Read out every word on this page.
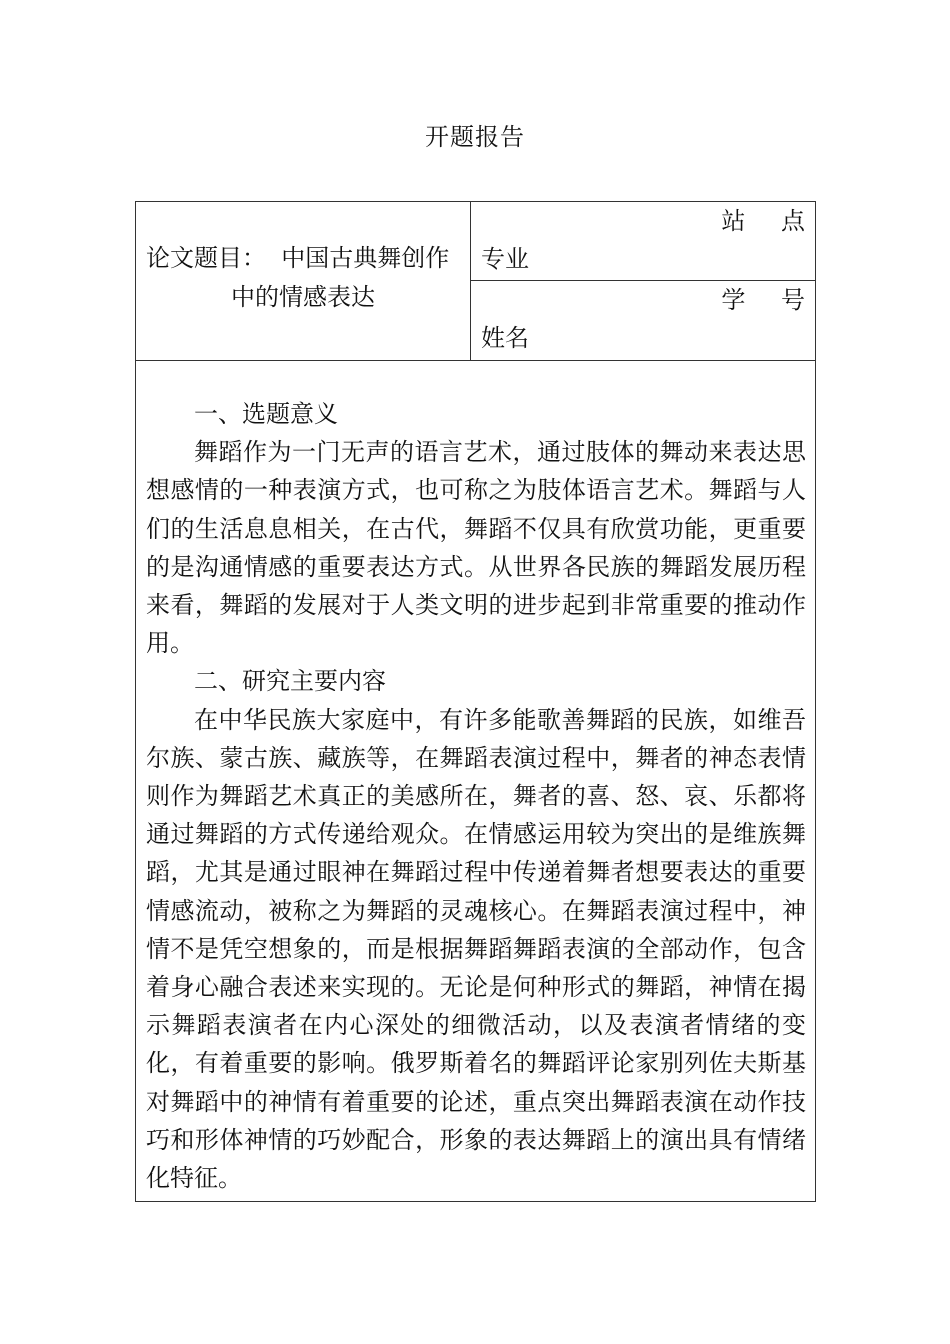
开题报告
论文题目： 中国古典舞创作
中的情感表达
站 点
专业
学 号
姓名

一、选题意义

舞蹈作为一门无声的语言艺术，通过肢体的舞动来表达思想感情的一种表演方式，也可称之为肢体语言艺术。舞蹈与人们的生活息息相关，在古代，舞蹈不仅具有欣赏功能，更重要的是沟通情感的重要表达方式。从世界各民族的舞蹈发展历程来看，舞蹈的发展对于人类文明的进步起到非常重要的推动作用。

二、研究主要内容

在中华民族大家庭中，有许多能歌善舞蹈的民族，如维吾尔族、蒙古族、藏族等，在舞蹈表演过程中，舞者的神态表情则作为舞蹈艺术真正的美感所在，舞者的喜、怒、哀、乐都将通过舞蹈的方式传递给观众。在情感运用较为突出的是维族舞蹈，尤其是通过眼神在舞蹈过程中传递着舞者想要表达的重要情感流动，被称之为舞蹈的灵魂核心。在舞蹈表演过程中，神情不是凭空想象的，而是根据舞蹈舞蹈表演的全部动作，包含着身心融合表述来实现的。无论是何种形式的舞蹈，神情在揭示舞蹈表演者在内心深处的细微活动，以及表演者情绪的变化，有着重要的影响。俄罗斯着名的舞蹈评论家别列佐夫斯基对舞蹈中的神情有着重要的论述，重点突出舞蹈表演在动作技巧和形体神情的巧妙配合，形象的表达舞蹈上的演出具有情绪化特征。
